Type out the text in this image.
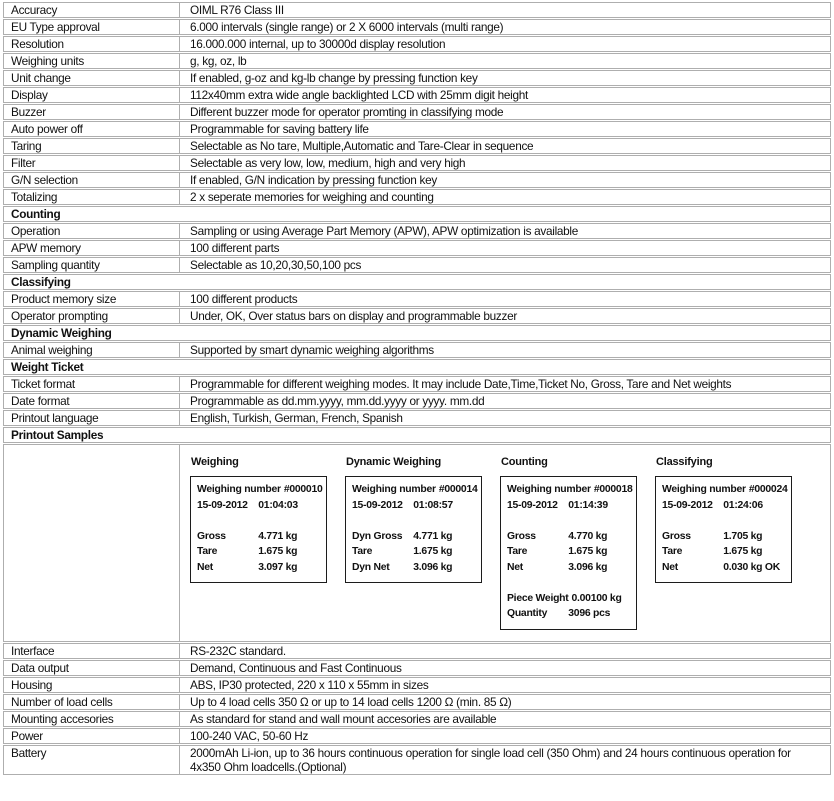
Accuracy	OIML R76 Class III
EU Type approval	6.000 intervals (single range) or 2 X 6000 intervals (multi range)
Resolution	16.000.000 internal, up to 30000d display resolution
Weighing units	g, kg, oz, lb
Unit change	If enabled, g-oz and kg-lb change by pressing function key
Display	112x40mm extra wide angle backlighted LCD with 25mm digit height
Buzzer	Different buzzer mode for operator promting in classifying mode
Auto power off	Programmable for saving battery life
Taring	Selectable as No tare, Multiple,Automatic and Tare-Clear in sequence
Filter	Selectable as very low, low, medium, high and very high
G/N selection	If enabled, G/N indication by pressing function key
Totalizing	2 x seperate memories for weighing and counting
Counting
Operation	Sampling or using Average Part Memory (APW), APW optimization is available
APW memory	100 different parts
Sampling quantity	Selectable as 10,20,30,50,100 pcs
Classifying
Product memory size	100 different products
Operator prompting	Under, OK, Over status bars on display and programmable buzzer
Dynamic Weighing
Animal weighing	Supported by smart dynamic weighing algorithms
Weight Ticket
Ticket format	Programmable for different weighing modes. It may include Date,Time,Ticket No, Gross, Tare and Net weights
Date format	Programmable as dd.mm.yyyy, mm.dd.yyyy or yyyy. mm.dd
Printout language	English, Turkish, German, French, Spanish
Printout Samples
Weighing
Weighing number #000010
15-09-2012	01:04:03
Gross	4.771 kg
Tare	1.675 kg
Net	3.097 kg
Dynamic Weighing
Weighing number #000014
15-09-2012	01:08:57
Dyn Gross	4.771 kg
Tare	1.675 kg
Dyn Net	3.096 kg
Counting
Weighing number #000018
15-09-2012	01:14:39
Gross	4.770 kg
Tare	1.675 kg
Net	3.096 kg
Piece Weight 0.00100 kg
Quantity	3096 pcs
Classifying
Weighing number #000024
15-09-2012	01:24:06
Gross	1.705 kg
Tare	1.675 kg
Net	0.030 kg OK
Interface	RS-232C standard.
Data output	Demand, Continuous and Fast Continuous
Housing	ABS, IP30 protected, 220 x 110 x 55mm in sizes
Number of load cells	Up to 4 load cells 350 Ω or up to 14 load cells 1200 Ω (min. 85 Ω)
Mounting accesories	As standard for stand and wall mount accesories are available
Power	100-240 VAC, 50-60 Hz
Battery	2000mAh Li-ion, up to 36 hours continuous operation for single load cell (350 Ohm) and 24 hours continuous operation for 4x350 Ohm loadcells.(Optional)
